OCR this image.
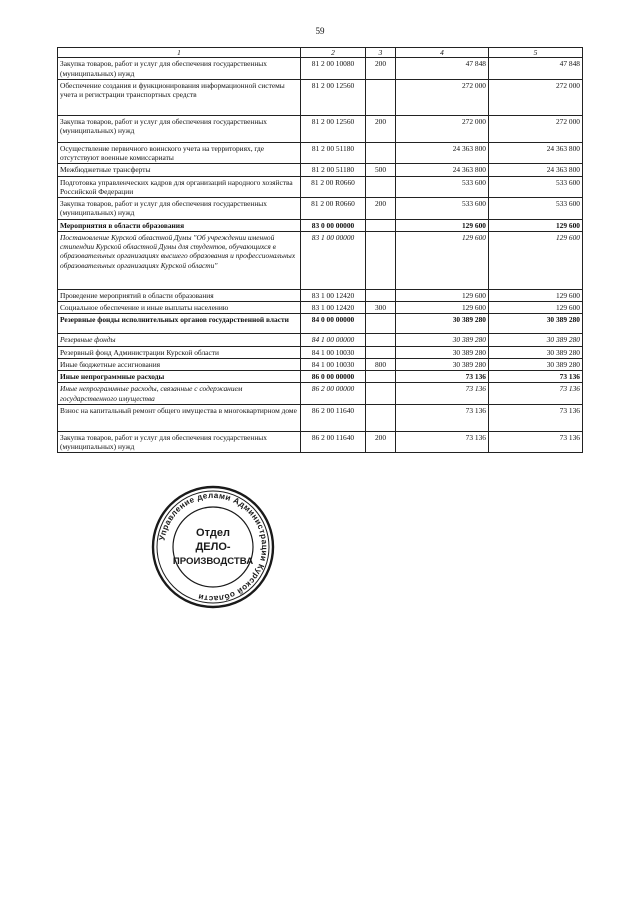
59
1	2	3	4	5
Закупка товаров, работ и услуг для обеспечения государственных (муниципальных) нужд	81 2 00 10080	200	47 848	47 848
Обеспечение создания и функционирования информационной системы учета и регистрации транспортных средств	81 2 00 12560		272 000	272 000
Закупка товаров, работ и услуг для обеспечения государственных (муниципальных) нужд	81 2 00 12560	200	272 000	272 000
Осуществление первичного воинского учета на территориях, где отсутствуют военные комиссариаты	81 2 00 51180		24 363 800	24 363 800
Межбюджетные трансферты	81 2 00 51180	500	24 363 800	24 363 800
Подготовка управленческих кадров для организаций народного хозяйства Российской Федерации	81 2 00 R0660		533 600	533 600
Закупка товаров, работ и услуг для обеспечения государственных (муниципальных) нужд	81 2 00 R0660	200	533 600	533 600
Мероприятия в области образования	83 0 00 00000		129 600	129 600
Постановление Курской областной Думы "Об учреждении именной стипендии Курской областной Думы для студентов, обучающихся в образовательных организациях высшего образования и профессиональных образовательных организациях Курской области"	83 1 00 00000		129 600	129 600
Проведение мероприятий в области образования	83 1 00 12420		129 600	129 600
Социальное обеспечение и иные выплаты населению	83 1 00 12420	300	129 600	129 600
Резервные фонды исполнительных органов государственной власти	84 0 00 00000		30 389 280	30 389 280
Резервные фонды	84 1 00 00000		30 389 280	30 389 280
Резервный фонд Администрации Курской области	84 1 00 10030		30 389 280	30 389 280
Иные бюджетные ассигнования	84 1 00 10030	800	30 389 280	30 389 280
Иные непрограммные расходы	86 0 00 00000		73 136	73 136
Иные непрограммные расходы, связанные с содержанием государственного имущества	86 2 00 00000		73 136	73 136
Взнос на капитальный ремонт общего имущества в многоквартирном доме	86 2 00 11640		73 136	73 136
Закупка товаров, работ и услуг для обеспечения государственных (муниципальных) нужд	86 2 00 11640	200	73 136	73 136
Управление делами Администрации Курской области
Отдел
ДЕЛО-
ПРОИЗВОДСТВА
